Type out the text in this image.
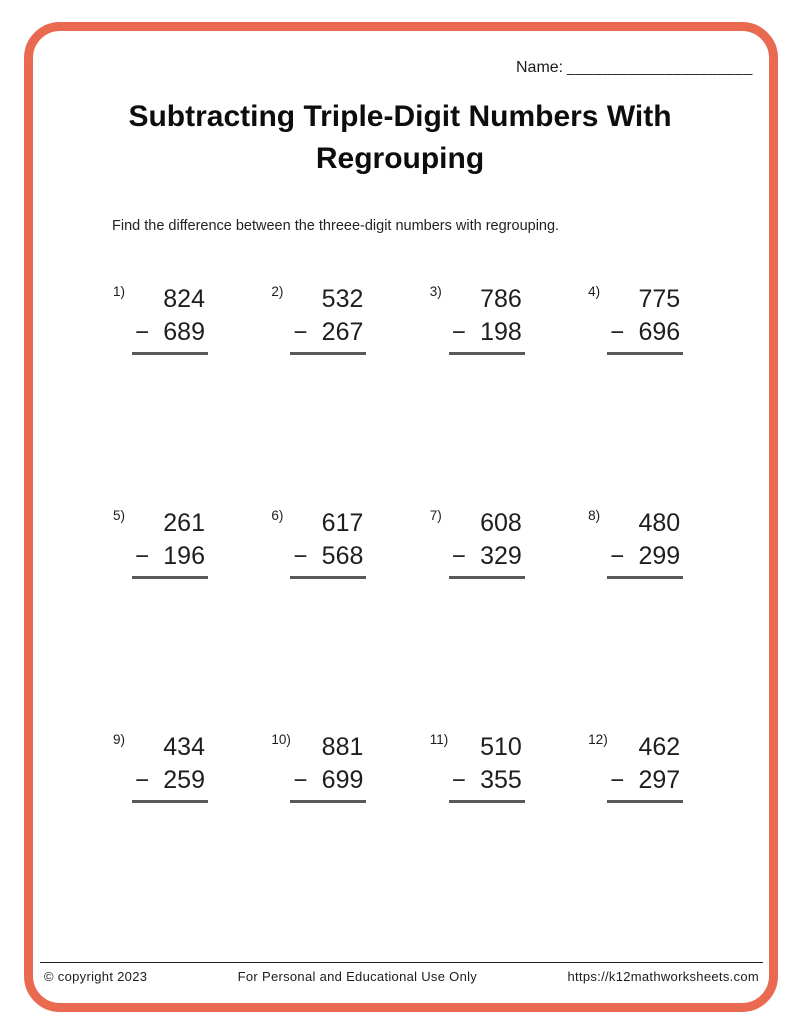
Name: _____________________
Subtracting Triple-Digit Numbers With
Regrouping
Find the difference between the threee-digit numbers with regrouping.
1)	824
− 689
2)	532
− 267
3)	786
− 198
4)	775
− 696
5)	261
− 196
6)	617
− 568
7)	608
− 329
8)	480
− 299
9)	434
− 259
10)	881
− 699
11)	510
− 355
12)	462
− 297
© copyright 2023	For Personal and Educational Use Only	https://k12mathworksheets.com
